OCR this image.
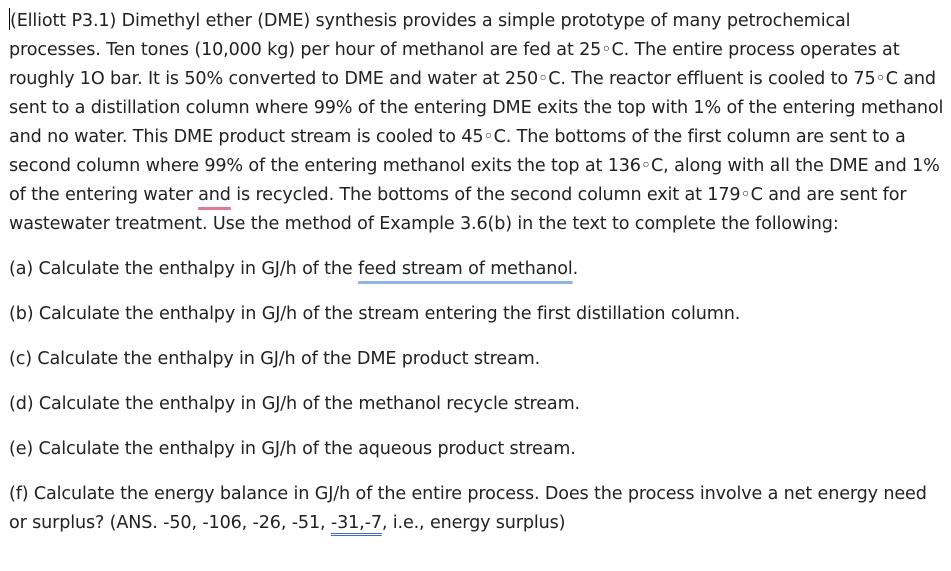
(Elliott P3.1) Dimethyl ether (DME) synthesis provides a simple prototype of many petrochemical processes. Ten tones (10,000 kg) per hour of methanol are fed at 25◦C. The entire process operates at roughly 1O bar. It is 50% converted to DME and water at 250◦C. The reactor effluent is cooled to 75◦C and sent to a distillation column where 99% of the entering DME exits the top with 1% of the entering methanol and no water. This DME product stream is cooled to 45◦C. The bottoms of the first column are sent to a second column where 99% of the entering methanol exits the top at 136◦C, along with all the DME and 1% of the entering water and is recycled. The bottoms of the second column exit at 179◦C and are sent for wastewater treatment. Use the method of Example 3.6(b) in the text to complete the following:

(a) Calculate the enthalpy in GJ/h of the feed stream of methanol.

(b) Calculate the enthalpy in GJ/h of the stream entering the first distillation column.

(c) Calculate the enthalpy in GJ/h of the DME product stream.

(d) Calculate the enthalpy in GJ/h of the methanol recycle stream.

(e) Calculate the enthalpy in GJ/h of the aqueous product stream.

(f) Calculate the energy balance in GJ/h of the entire process. Does the process involve a net energy need or surplus? (ANS. -50, -106, -26, -51, -31,-7, i.e., energy surplus)
